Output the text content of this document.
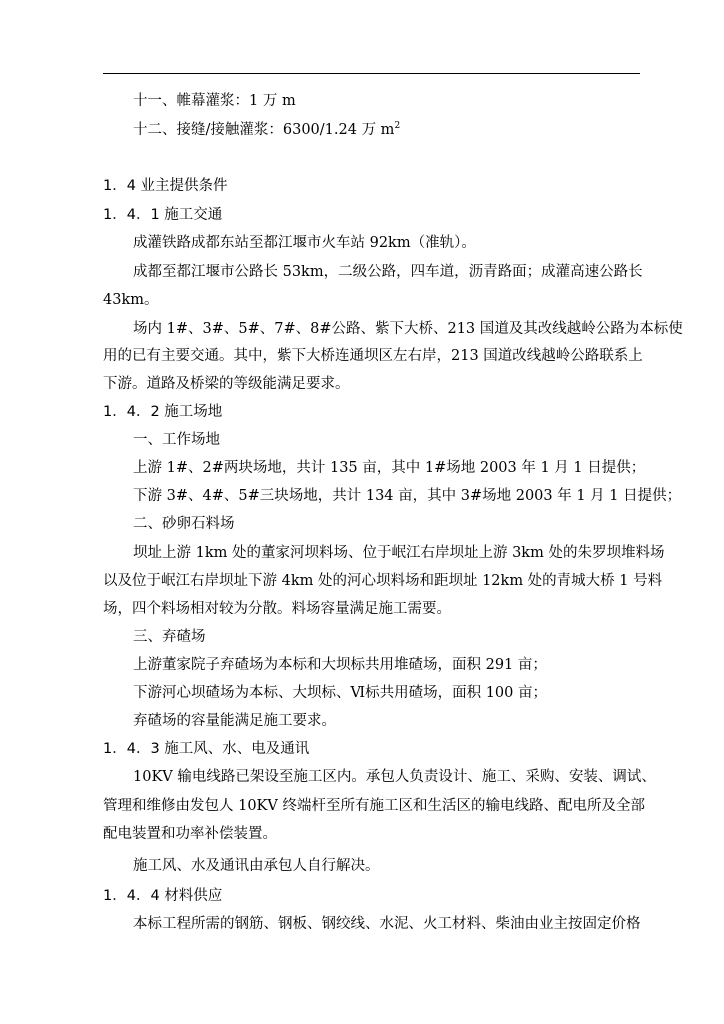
十一、帷幕灌浆：1 万 m
十二、接缝/接触灌浆：6300/1.24 万 $m^2$
1．4 业主提供条件
1．4．1 施工交通
成灌铁路成都东站至都江堰市火车站 92km（准轨）。
成都至都江堰市公路长 53km，二级公路，四车道，沥青路面；成灌高速公路长
43km。
场内 1#、3#、5#、7#、8#公路、紫下大桥、213 国道及其改线越岭公路为本标使
用的已有主要交通。其中，紫下大桥连通坝区左右岸，213 国道改线越岭公路联系上
下游。道路及桥梁的等级能满足要求。
1．4．2 施工场地
一、工作场地
上游 1#、2#两块场地，共计 135 亩，其中 1#场地 2003 年 1 月 1 日提供；
下游 3#、4#、5#三块场地，共计 134 亩，其中 3#场地 2003 年 1 月 1 日提供；
二、砂卵石料场
坝址上游 1km 处的董家河坝料场、位于岷江右岸坝址上游 3km 处的朱罗坝堆料场
以及位于岷江右岸坝址下游 4km 处的河心坝料场和距坝址 12km 处的青城大桥 1 号料
场，四个料场相对较为分散。料场容量满足施工需要。
三、弃碴场
上游董家院子弃碴场为本标和大坝标共用堆碴场，面积 291 亩；
下游河心坝碴场为本标、大坝标、Ⅵ标共用碴场，面积 100 亩；
弃碴场的容量能满足施工要求。
1．4．3 施工风、水、电及通讯
10KV 输电线路已架设至施工区内。承包人负责设计、施工、采购、安装、调试、
管理和维修由发包人 10KV 终端杆至所有施工区和生活区的输电线路、配电所及全部
配电装置和功率补偿装置。
施工风、水及通讯由承包人自行解决。
1．4．4 材料供应
本标工程所需的钢筋、钢板、钢绞线、水泥、火工材料、柴油由业主按固定价格
